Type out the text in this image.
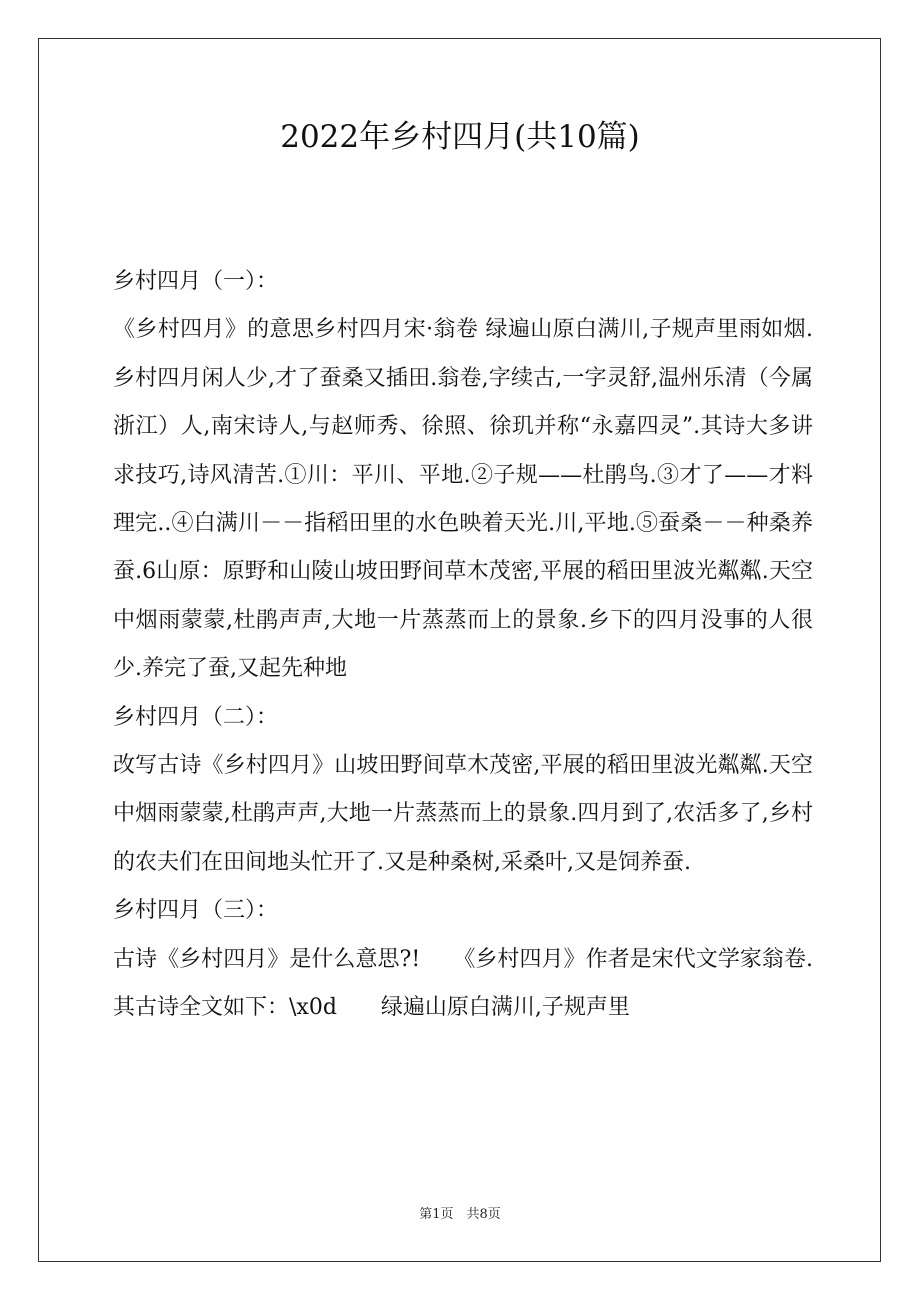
2022年乡村四月(共10篇)

乡村四月（一）：

《乡村四月》的意思乡村四月宋·翁卷 绿遍山原白满川,子规声里雨如烟.乡村四月闲人少,才了蚕桑又插田.翁卷,字续古,一字灵舒,温州乐清（今属浙江）人,南宋诗人,与赵师秀、徐照、徐玑并称“永嘉四灵”.其诗大多讲求技巧,诗风清苦.①川：平川、平地.②子规——杜鹃鸟.③才了——才料理完..④白满川－－指稻田里的水色映着天光.川,平地.⑤蚕桑－－种桑养蚕.6山原：原野和山陵山坡田野间草木茂密,平展的稻田里波光粼粼.天空中烟雨蒙蒙,杜鹃声声,大地一片蒸蒸而上的景象.乡下的四月没事的人很少.养完了蚕,又起先种地

乡村四月（二）：

改写古诗《乡村四月》山坡田野间草木茂密,平展的稻田里波光粼粼.天空中烟雨蒙蒙,杜鹃声声,大地一片蒸蒸而上的景象.四月到了,农活多了,乡村的农夫们在田间地头忙开了.又是种桑树,采桑叶,又是饲养蚕.

乡村四月（三）：

古诗《乡村四月》是什么意思?!　　《乡村四月》作者是宋代文学家翁卷.其古诗全文如下：\x0d　　绿遍山原白满川,子规声里

第1页　共8页
